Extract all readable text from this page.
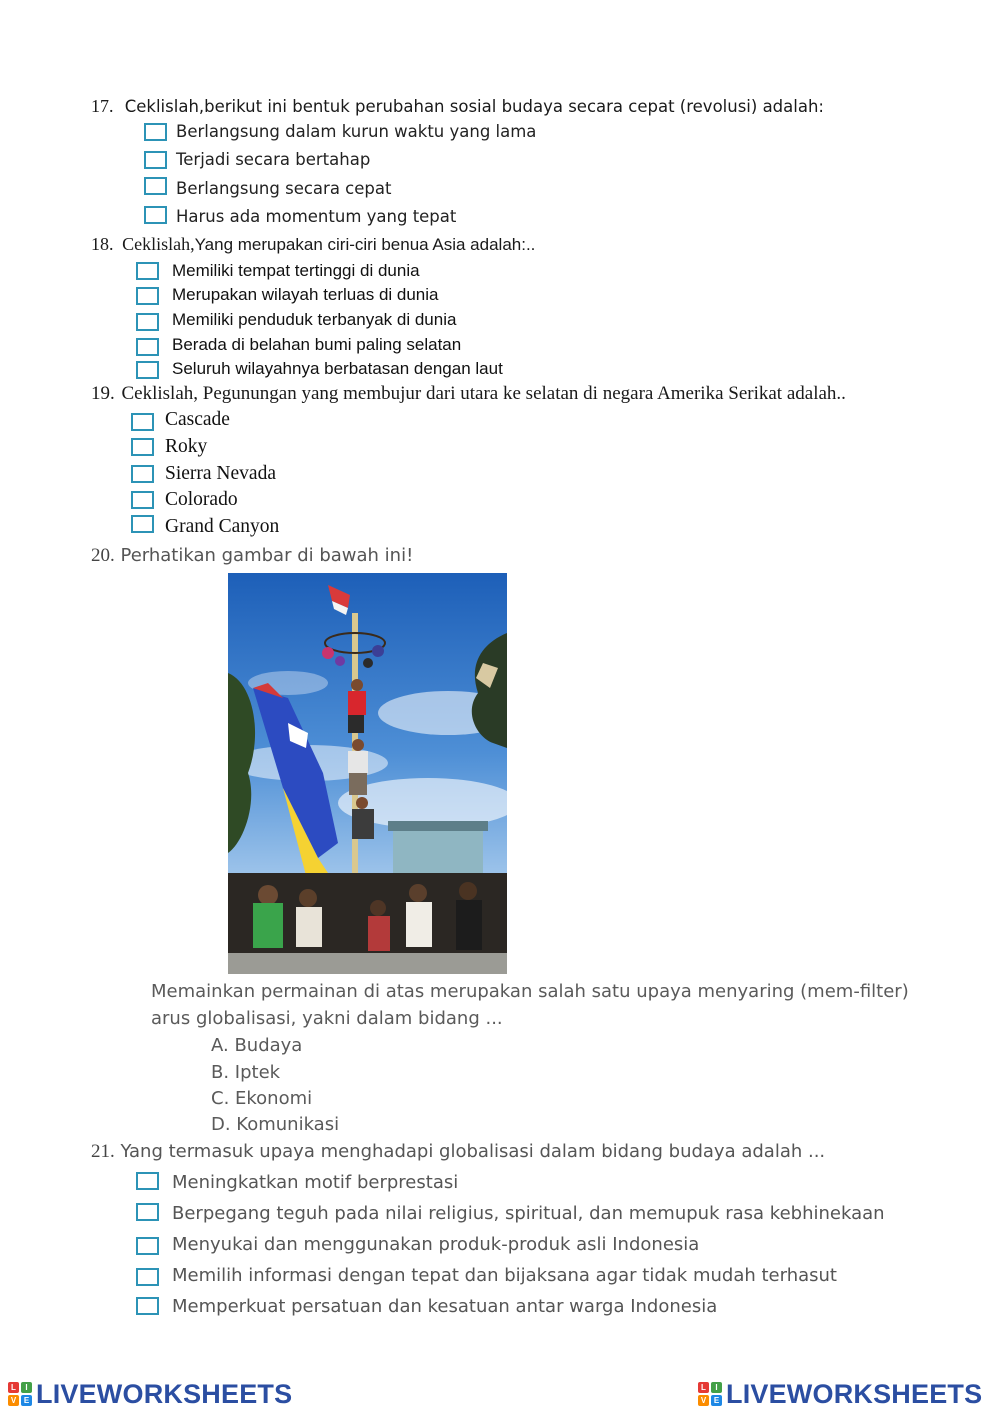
17. Ceklislah,berikut ini bentuk perubahan sosial budaya secara cepat (revolusi) adalah:
Berlangsung dalam kurun waktu yang lama
Terjadi secara bertahap
Berlangsung secara cepat
Harus ada momentum yang tepat
18. Ceklislah,Yang merupakan ciri-ciri benua Asia adalah:..
Memiliki tempat tertinggi di dunia
Merupakan wilayah terluas di dunia
Memiliki penduduk terbanyak di dunia
Berada di belahan bumi paling selatan
Seluruh wilayahnya berbatasan dengan laut
19. Ceklislah, Pegunungan yang membujur dari utara ke selatan di negara Amerika Serikat adalah..
Cascade
Roky
Sierra Nevada
Colorado
Grand Canyon
20. Perhatikan gambar di bawah ini!
Memainkan permainan di atas merupakan salah satu upaya menyaring (mem-filter)
arus globalisasi, yakni dalam bidang ...
A. Budaya
B. Iptek
C. Ekonomi
D. Komunikasi
21. Yang termasuk upaya menghadapi globalisasi dalam bidang budaya adalah ...
Meningkatkan motif berprestasi
Berpegang teguh pada nilai religius, spiritual, dan memupuk rasa kebhinekaan
Menyukai dan menggunakan produk-produk asli Indonesia
Memilih informasi dengan tepat dan bijaksana agar tidak mudah terhasut
Memperkuat persatuan dan kesatuan antar warga Indonesia
L	I
V E LIVEWORKSHEETS	L	I
V E LIVEWORKSHEETS
